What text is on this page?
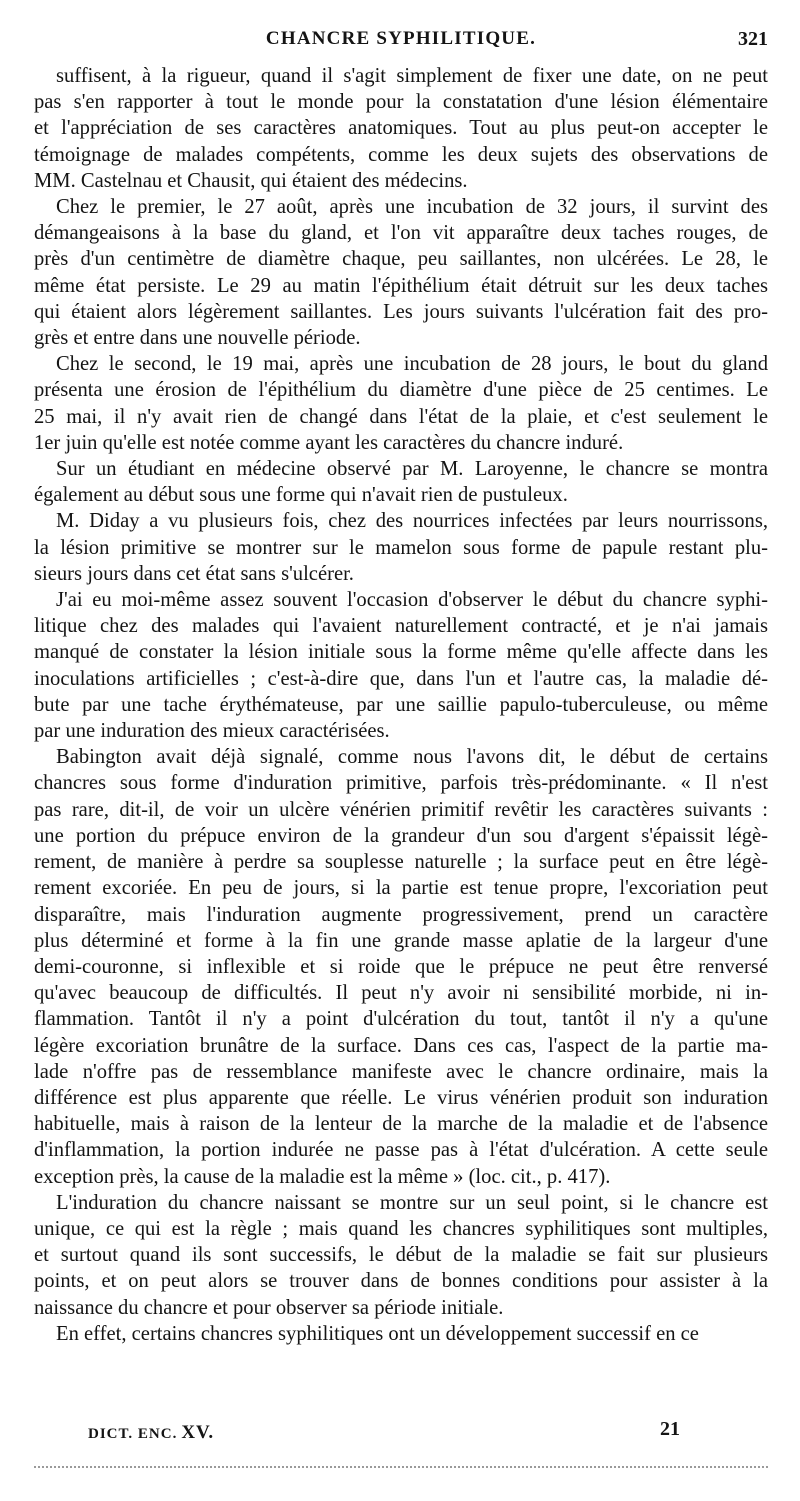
CHANCRE SYPHILITIQUE.	321

suffisent, à la rigueur, quand il s'agit simplement de fixer une date, on ne peut
pas s'en rapporter à tout le monde pour la constatation d'une lésion élémentaire
et l'appréciation de ses caractères anatomiques. Tout au plus peut-on accepter le
témoignage de malades compétents, comme les deux sujets des observations de
MM. Castelnau et Chausit, qui étaient des médecins.

Chez le premier, le 27 août, après une incubation de 32 jours, il survint des
démangeaisons à la base du gland, et l'on vit apparaître deux taches rouges, de
près d'un centimètre de diamètre chaque, peu saillantes, non ulcérées. Le 28, le
même état persiste. Le 29 au matin l'épithélium était détruit sur les deux taches
qui étaient alors légèrement saillantes. Les jours suivants l'ulcération fait des pro-
grès et entre dans une nouvelle période.

Chez le second, le 19 mai, après une incubation de 28 jours, le bout du gland
présenta une érosion de l'épithélium du diamètre d'une pièce de 25 centimes. Le
25 mai, il n'y avait rien de changé dans l'état de la plaie, et c'est seulement le
1er juin qu'elle est notée comme ayant les caractères du chancre induré.

Sur un étudiant en médecine observé par M. Laroyenne, le chancre se montra
également au début sous une forme qui n'avait rien de pustuleux.

M. Diday a vu plusieurs fois, chez des nourrices infectées par leurs nourrissons,
la lésion primitive se montrer sur le mamelon sous forme de papule restant plu-
sieurs jours dans cet état sans s'ulcérer.

J'ai eu moi-même assez souvent l'occasion d'observer le début du chancre syphi-
litique chez des malades qui l'avaient naturellement contracté, et je n'ai jamais
manqué de constater la lésion initiale sous la forme même qu'elle affecte dans les
inoculations artificielles ; c'est-à-dire que, dans l'un et l'autre cas, la maladie dé-
bute par une tache érythémateuse, par une saillie papulo-tuberculeuse, ou même
par une induration des mieux caractérisées.

Babington avait déjà signalé, comme nous l'avons dit, le début de certains
chancres sous forme d'induration primitive, parfois très-prédominante. « Il n'est
pas rare, dit-il, de voir un ulcère vénérien primitif revêtir les caractères suivants :
une portion du prépuce environ de la grandeur d'un sou d'argent s'épaissit légè-
rement, de manière à perdre sa souplesse naturelle ; la surface peut en être légè-
rement excoriée. En peu de jours, si la partie est tenue propre, l'excoriation peut
disparaître, mais l'induration augmente progressivement, prend un caractère
plus déterminé et forme à la fin une grande masse aplatie de la largeur d'une
demi-couronne, si inflexible et si roide que le prépuce ne peut être renversé
qu'avec beaucoup de difficultés. Il peut n'y avoir ni sensibilité morbide, ni in-
flammation. Tantôt il n'y a point d'ulcération du tout, tantôt il n'y a qu'une
légère excoriation brunâtre de la surface. Dans ces cas, l'aspect de la partie ma-
lade n'offre pas de ressemblance manifeste avec le chancre ordinaire, mais la
différence est plus apparente que réelle. Le virus vénérien produit son induration
habituelle, mais à raison de la lenteur de la marche de la maladie et de l'absence
d'inflammation, la portion indurée ne passe pas à l'état d'ulcération. A cette seule
exception près, la cause de la maladie est la même » (loc. cit., p. 417).

L'induration du chancre naissant se montre sur un seul point, si le chancre est
unique, ce qui est la règle ; mais quand les chancres syphilitiques sont multiples,
et surtout quand ils sont successifs, le début de la maladie se fait sur plusieurs
points, et on peut alors se trouver dans de bonnes conditions pour assister à la
naissance du chancre et pour observer sa période initiale.

En effet, certains chancres syphilitiques ont un développement successif en ce

DICT. ENC. XV.	21
